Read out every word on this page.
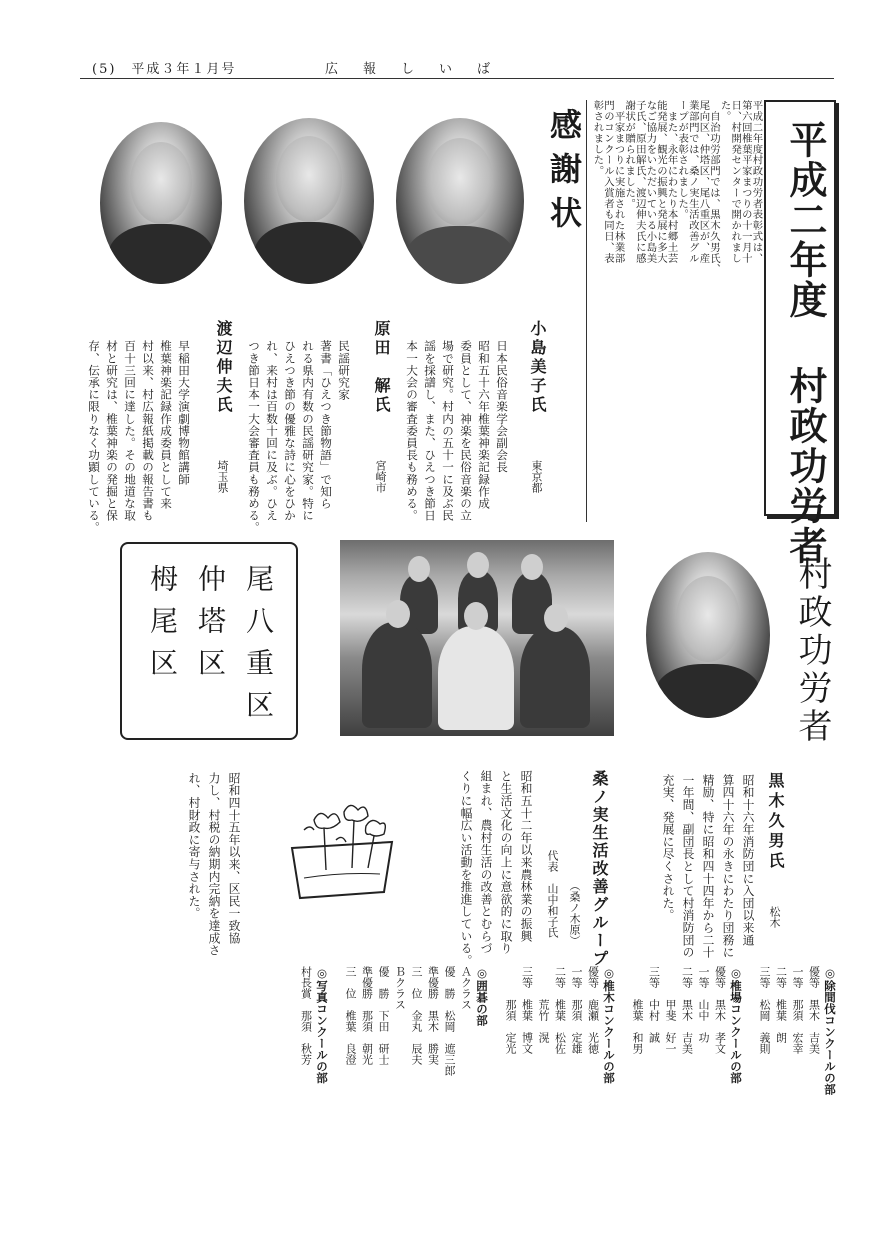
(5)　平成３年１月号	広　報　し　い　ば
平成二年度 村政功労者
平成二年度村政功労者表彰式は、
第六回椎葉平家まつりの十一月十
日、村開発センターで開かれまし
た。
　自治功労部門では、黒木久男氏、
尾向区、仲塔区、尾八重区が、産
業部門では、桑ノ実生活改善グル
ープが表彰されました。
　また、永年にわたり本村郷土芸
能発展、観光の振興と発展に多大
なご協力をいただいている小島美
子氏、原田解氏、渡辺伸夫氏に感
謝状が贈られました。
　平家まつりに実施された林業部
門のコンクール入賞者も同日、表
彰されました。
感謝状
小島美子氏
東京都
日本民俗音楽学会副会長
昭和五十六年椎葉神楽記録作成
委員として、神楽を民俗音楽の立
場で研究。村内の五十一に及ぶ民
謡を採譜し、また、ひえつき節日
本一大会の審査委員長も務める。
原田　解氏
宮崎市
民謡研究家
著書「ひえつき節物語」で知ら
れる県内有数の民謡研究家。特に
ひえつき節の優雅な詩に心をひか
れ、来村は百数十回に及ぶ。ひえ
つき節日本一大会審査員も務める。
渡辺伸夫氏
埼玉県
早稲田大学演劇博物館講師
椎葉神楽記録作成委員として来
村以来、村広報紙掲載の報告書も
百十三回に達した。その地道な取
材と研究は、椎葉神楽の発掘と保
存、伝承に限りなく功顕している。
尾八重区
仲塔区
栂尾区	村政功労者
黒木久男氏
松木
昭和十六年消防団に入団以来通
算四十六年の永きにわたり団務に
精励、特に昭和四十四年から二十
一年間、副団長として村消防団の
充実、発展に尽くされた。
桑ノ実生活改善グループ
（桑ノ木原）
代表　山中和子氏
昭和五十二年以来農林業の振興
と生活文化の向上に意欲的に取り
組まれ、農村生活の改善とむらづ
くりに幅広い活動を推進している。
昭和四十五年以来、区民一致協
力し、村税の納期内完納を達成さ
れ、村財政に寄与された。
◎除間伐コンクールの部
優等　黒木　吉美
一等　那須　宏幸
二等　椎葉　朗
三等　松岡　義則
◎椎場コンクールの部
優等　黒木　孝文
一等　山中　功
二等　黒木　吉美
　　　甲斐　好一
三等　中村　誠
　　　椎葉　和男
◎椎木コンクールの部
優等　鹿瀬　光徳
一等　那須　定雄
二等　椎葉　松佐
　　　荒竹　滉
三等　椎葉　博文
　　　那須　定光
◎囲碁の部
Ａクラス
優　勝　松岡　遮三郎
準優勝　黒木　勝実
三　位　金丸　辰夫
Ｂクラス
優　勝　下田　研士
準優勝　那須　朝光
三　位　椎葉　良澄
◎写真コンクールの部
村長賞　那須　秋芳
